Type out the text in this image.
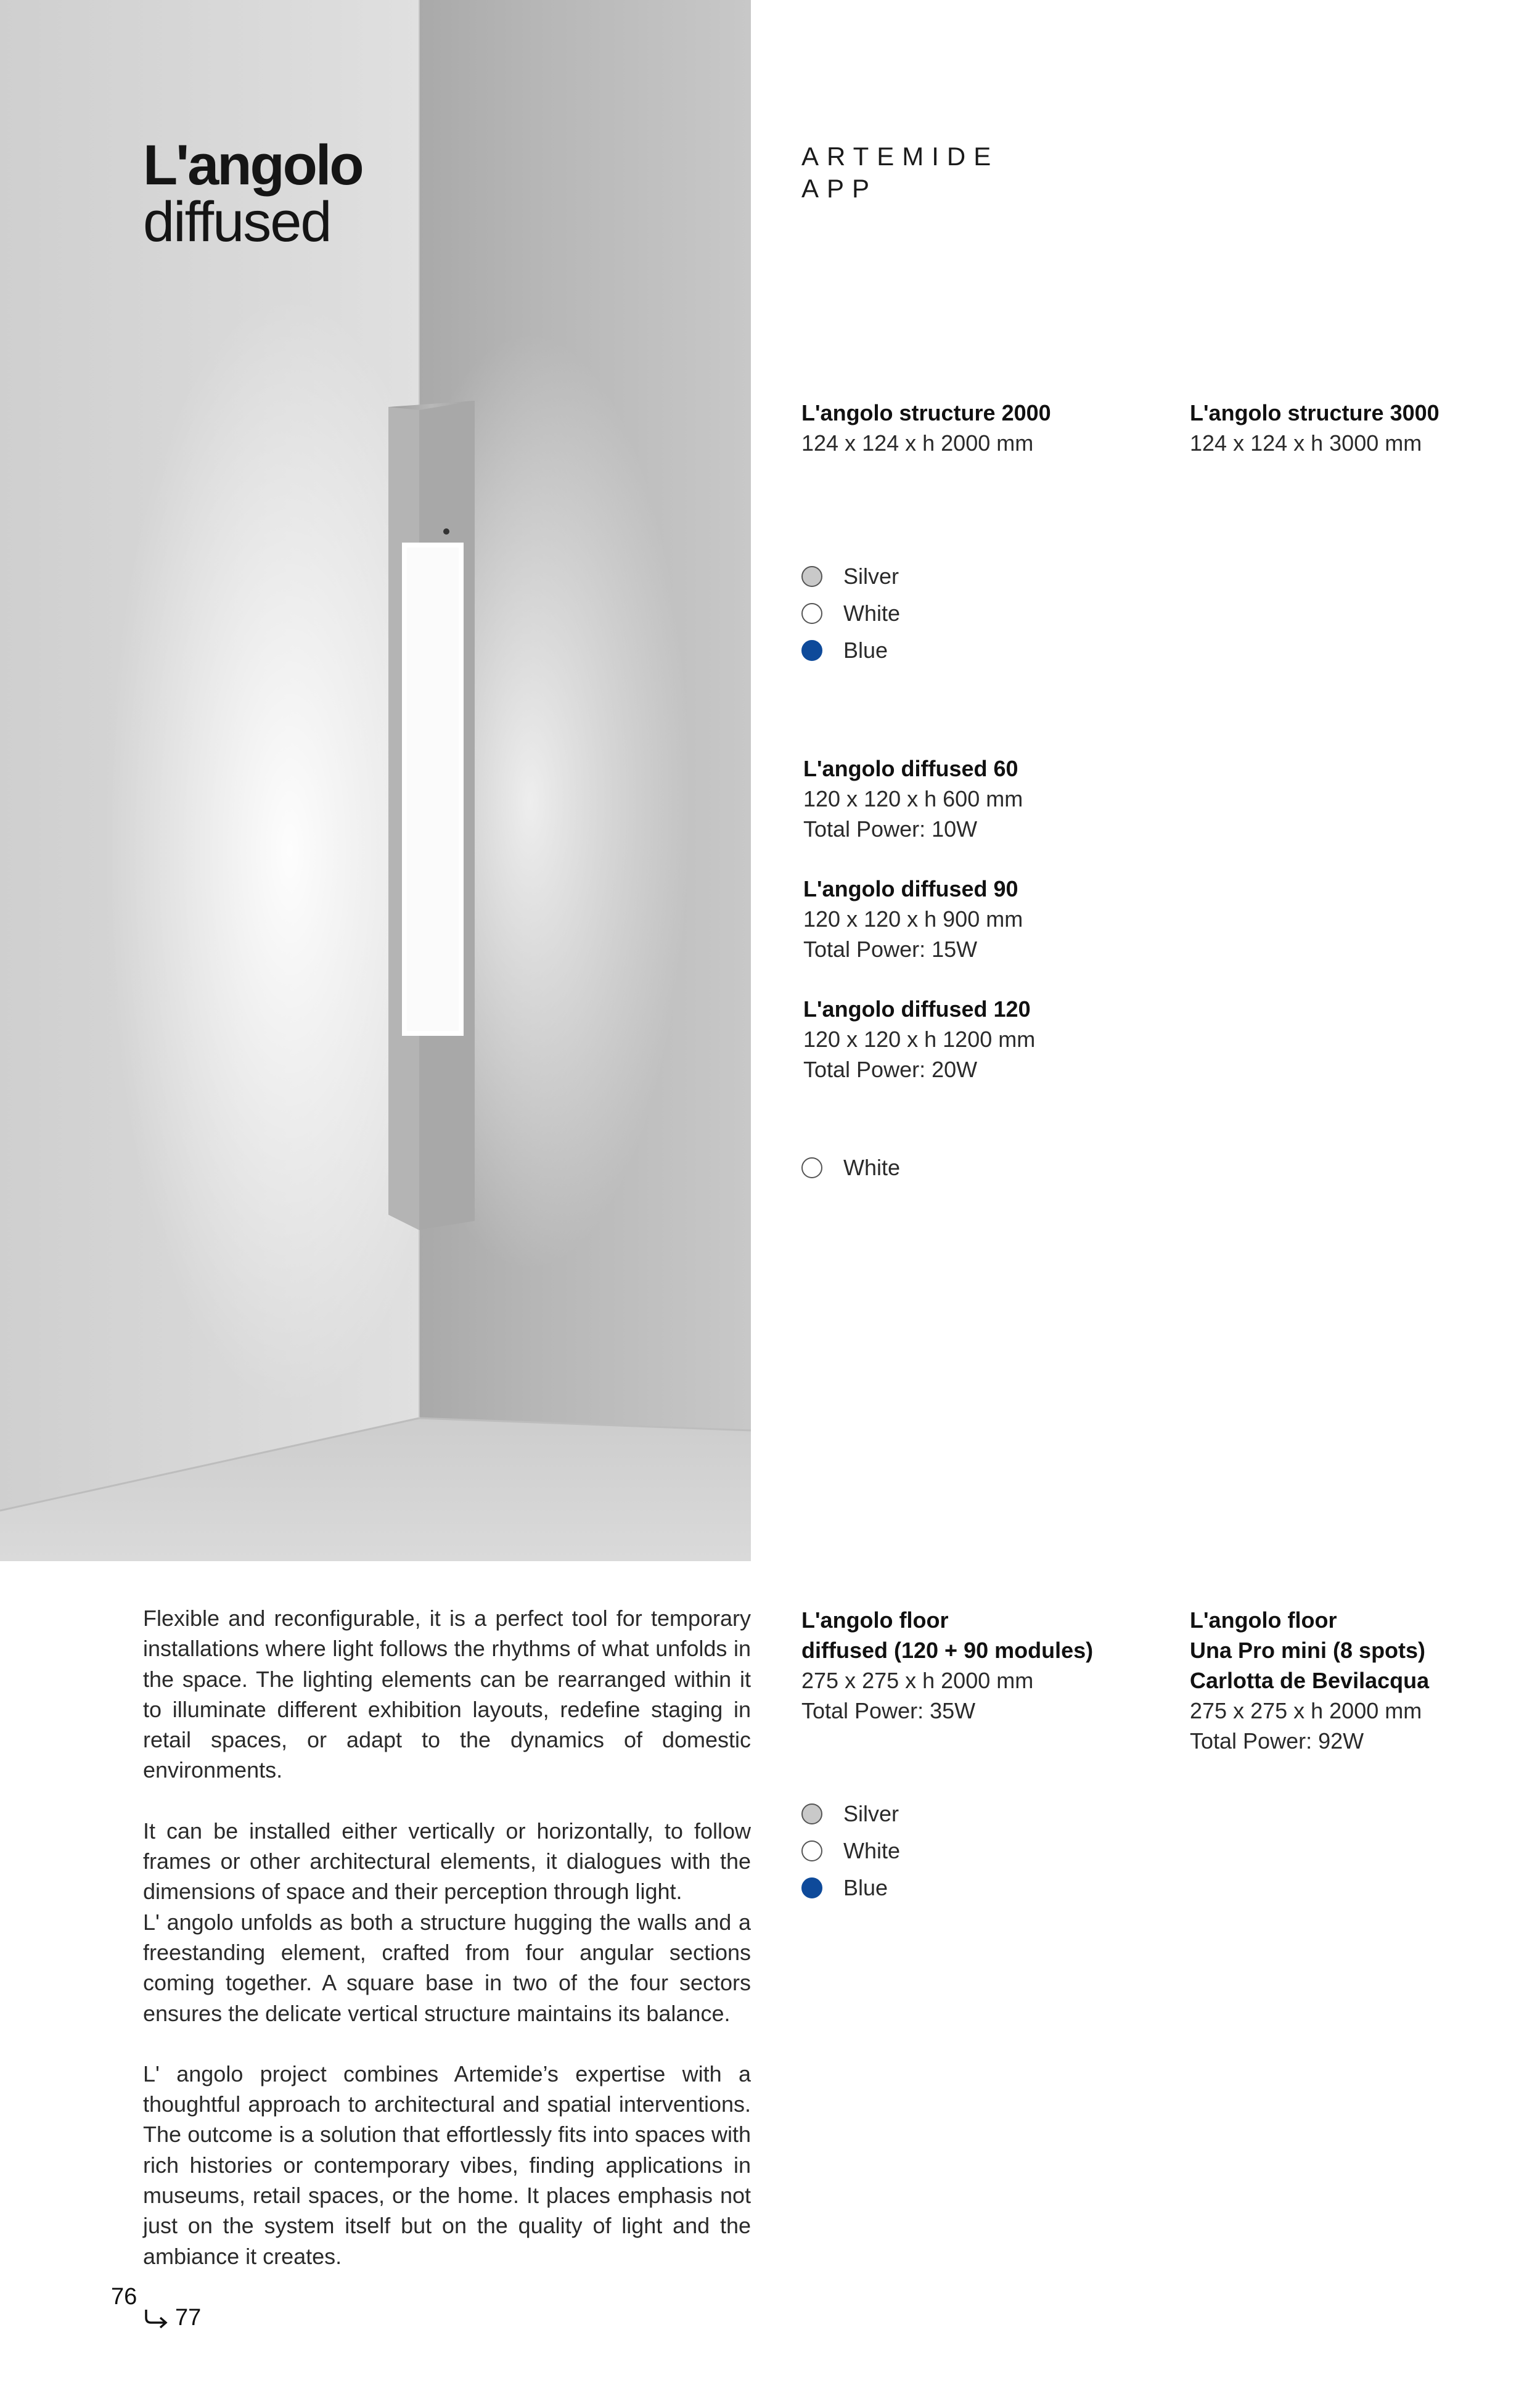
L'angolo
diffused
ARTEMIDE
APP
L'angolo structure 2000
124 x 124 x h 2000 mm
L'angolo structure 3000
124 x 124 x h 3000 mm
Silver
White
Blue
L'angolo diffused 60
120 x 120 x h 600 mm
Total Power: 10W
L'angolo diffused 90
120 x 120 x h 900 mm
Total Power: 15W
L'angolo diffused 120
120 x 120 x h 1200 mm
Total Power: 20W
White

Flexible and reconfigurable, it is a perfect tool for temporary installations where light follows the rhythms of what unfolds in the space. The lighting elements can be rearranged within it to illuminate different exhibition layouts, redefine staging in retail spaces, or adapt to the dynamics of domestic environments.

It can be installed either vertically or horizontally, to follow frames or other architectural elements, it dialogues with the dimensions of space and their perception through light.

L' angolo unfolds as both a structure hugging the walls and a freestanding element, crafted from four angular sections coming together. A square base in two of the four sectors ensures the delicate vertical structure maintains its balance.

L' angolo project combines Artemide’s expertise with a thoughtful approach to architectural and spatial interventions. The outcome is a solution that effortlessly fits into spaces with rich histories or contemporary vibes, finding applications in museums, retail spaces, or the home. It places emphasis not just on the system itself but on the quality of light and the ambiance it creates.

L'angolo floor
diffused (120 + 90 modules)
275 x 275 x h 2000 mm
Total Power: 35W
L'angolo floor
Una Pro mini (8 spots)
Carlotta de Bevilacqua
275 x 275 x h 2000 mm
Total Power: 92W
Silver
White
Blue
76
77
